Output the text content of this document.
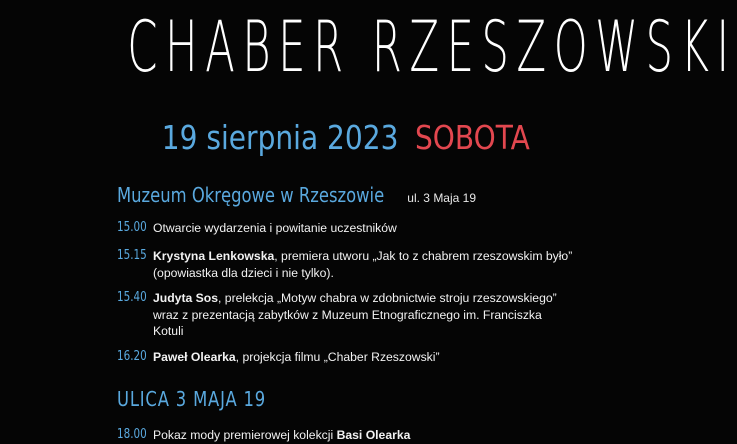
CHABER RZESZOWSKI
19 sierpnia 2023 SOBOTA
Muzeum Okręgowe w Rzeszowie ul. 3 Maja 19
15.00 Otwarcie wydarzenia i powitanie uczestników
15.15 Krystyna Lenkowska, premiera utworu „Jak to z chabrem rzeszowskim było” (opowiastka dla dzieci i nie tylko).
15.40 Judyta Sos, prelekcja „Motyw chabra w zdobnictwie stroju rzeszowskiego” wraz z prezentacją zabytków z Muzeum Etnograficznego im. Franciszka Kotuli
16.20 Paweł Olearka, projekcja filmu „Chaber Rzeszowski”
ULICA 3 MAJA 19
18.00 Pokaz mody premierowej kolekcji Basi Olearka
